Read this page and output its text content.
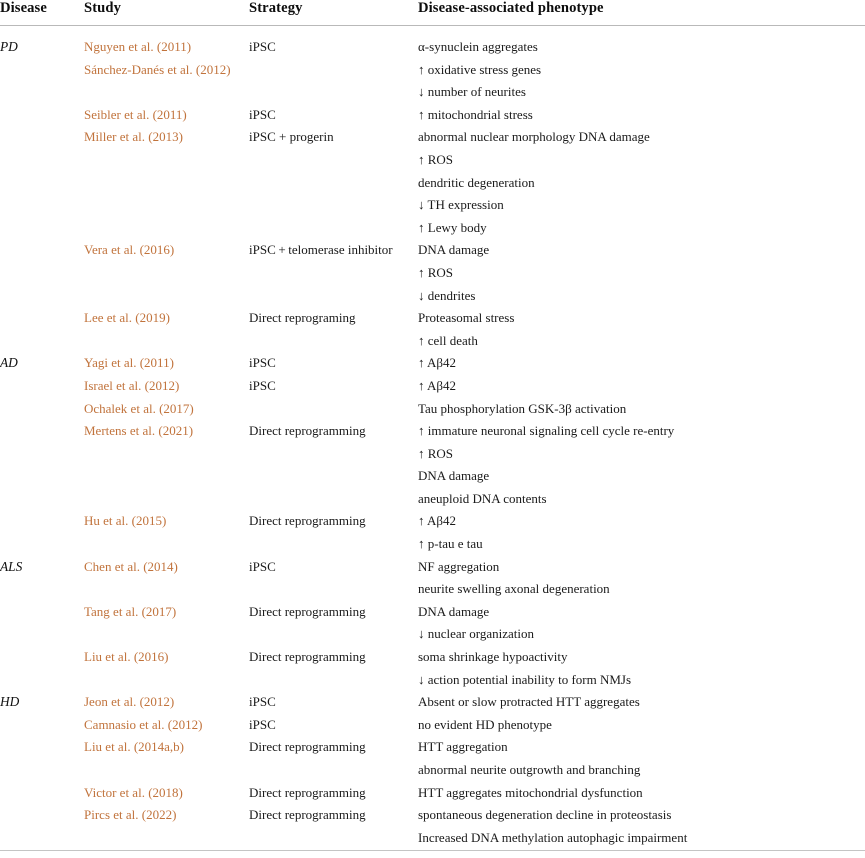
Disease	Study	Strategy	Disease-associated phenotype

PD	Nguyen et al. (2011)	iPSC	α-synuclein aggregates
	Sánchez-Danés et al. (2012)		↑ oxidative stress genes
			↓ number of neurites
	Seibler et al. (2011)	iPSC	↑ mitochondrial stress
	Miller et al. (2013)	iPSC + progerin	abnormal nuclear morphology DNA damage
			↑ ROS
			dendritic degeneration
			↓ TH expression
			↑ Lewy body
	Vera et al. (2016)	iPSC + telomerase inhibitor	DNA damage
			↑ ROS
			↓ dendrites
	Lee et al. (2019)	Direct reprograming	Proteasomal stress
			↑ cell death
AD	Yagi et al. (2011)	iPSC	↑ Aβ42
	Israel et al. (2012)	iPSC	↑ Aβ42
	Ochalek et al. (2017)		Tau phosphorylation GSK-3β activation
	Mertens et al. (2021)	Direct reprogramming	↑ immature neuronal signaling cell cycle re-entry
			↑ ROS
			DNA damage
			aneuploid DNA contents
	Hu et al. (2015)	Direct reprogramming	↑ Aβ42
			↑ p-tau e tau
ALS	Chen et al. (2014)	iPSC	NF aggregation
			neurite swelling axonal degeneration
	Tang et al. (2017)	Direct reprogramming	DNA damage
			↓ nuclear organization
	Liu et al. (2016)	Direct reprogramming	soma shrinkage hypoactivity
			↓ action potential inability to form NMJs
HD	Jeon et al. (2012)	iPSC	Absent or slow protracted HTT aggregates
	Camnasio et al. (2012)	iPSC	no evident HD phenotype
	Liu et al. (2014a,b)	Direct reprogramming	HTT aggregation
			abnormal neurite outgrowth and branching
	Victor et al. (2018)	Direct reprogramming	HTT aggregates mitochondrial dysfunction
	Pircs et al. (2022)	Direct reprogramming	spontaneous degeneration decline in proteostasis
			Increased DNA methylation autophagic impairment
